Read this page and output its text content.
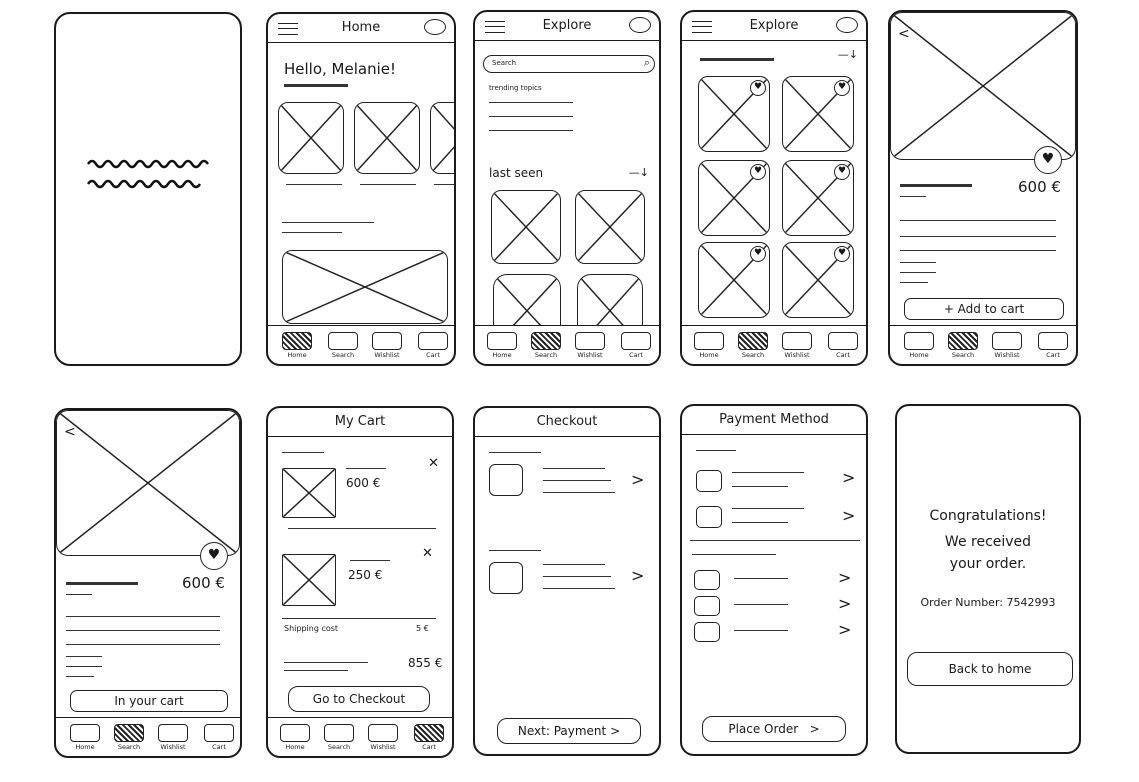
Home
Hello, Melanie!
Home	Search	Wishlist	Cart
Explore
Search	⌕
trending topics
last seen	—↓
Home	Search	Wishlist	Cart
Explore
—↓
♥	♥
♥	♥
♥	♥
Home	Search	Wishlist	Cart
<
♥
600 €
+ Add to cart
Home	Search	Wishlist	Cart
<
♥
600 €
In your cart
Home	Search	Wishlist	Cart
My Cart
600 €
✕
250 €
✕
Shipping cost	5 €
855 €
Go to Checkout
Home	Search	Wishlist	Cart
Checkout
>
>
Next: Payment >
Payment Method
>
>
>
>
>
Place Order >
Congratulations!
We received
your order.
Order Number: 7542993
Back to home
